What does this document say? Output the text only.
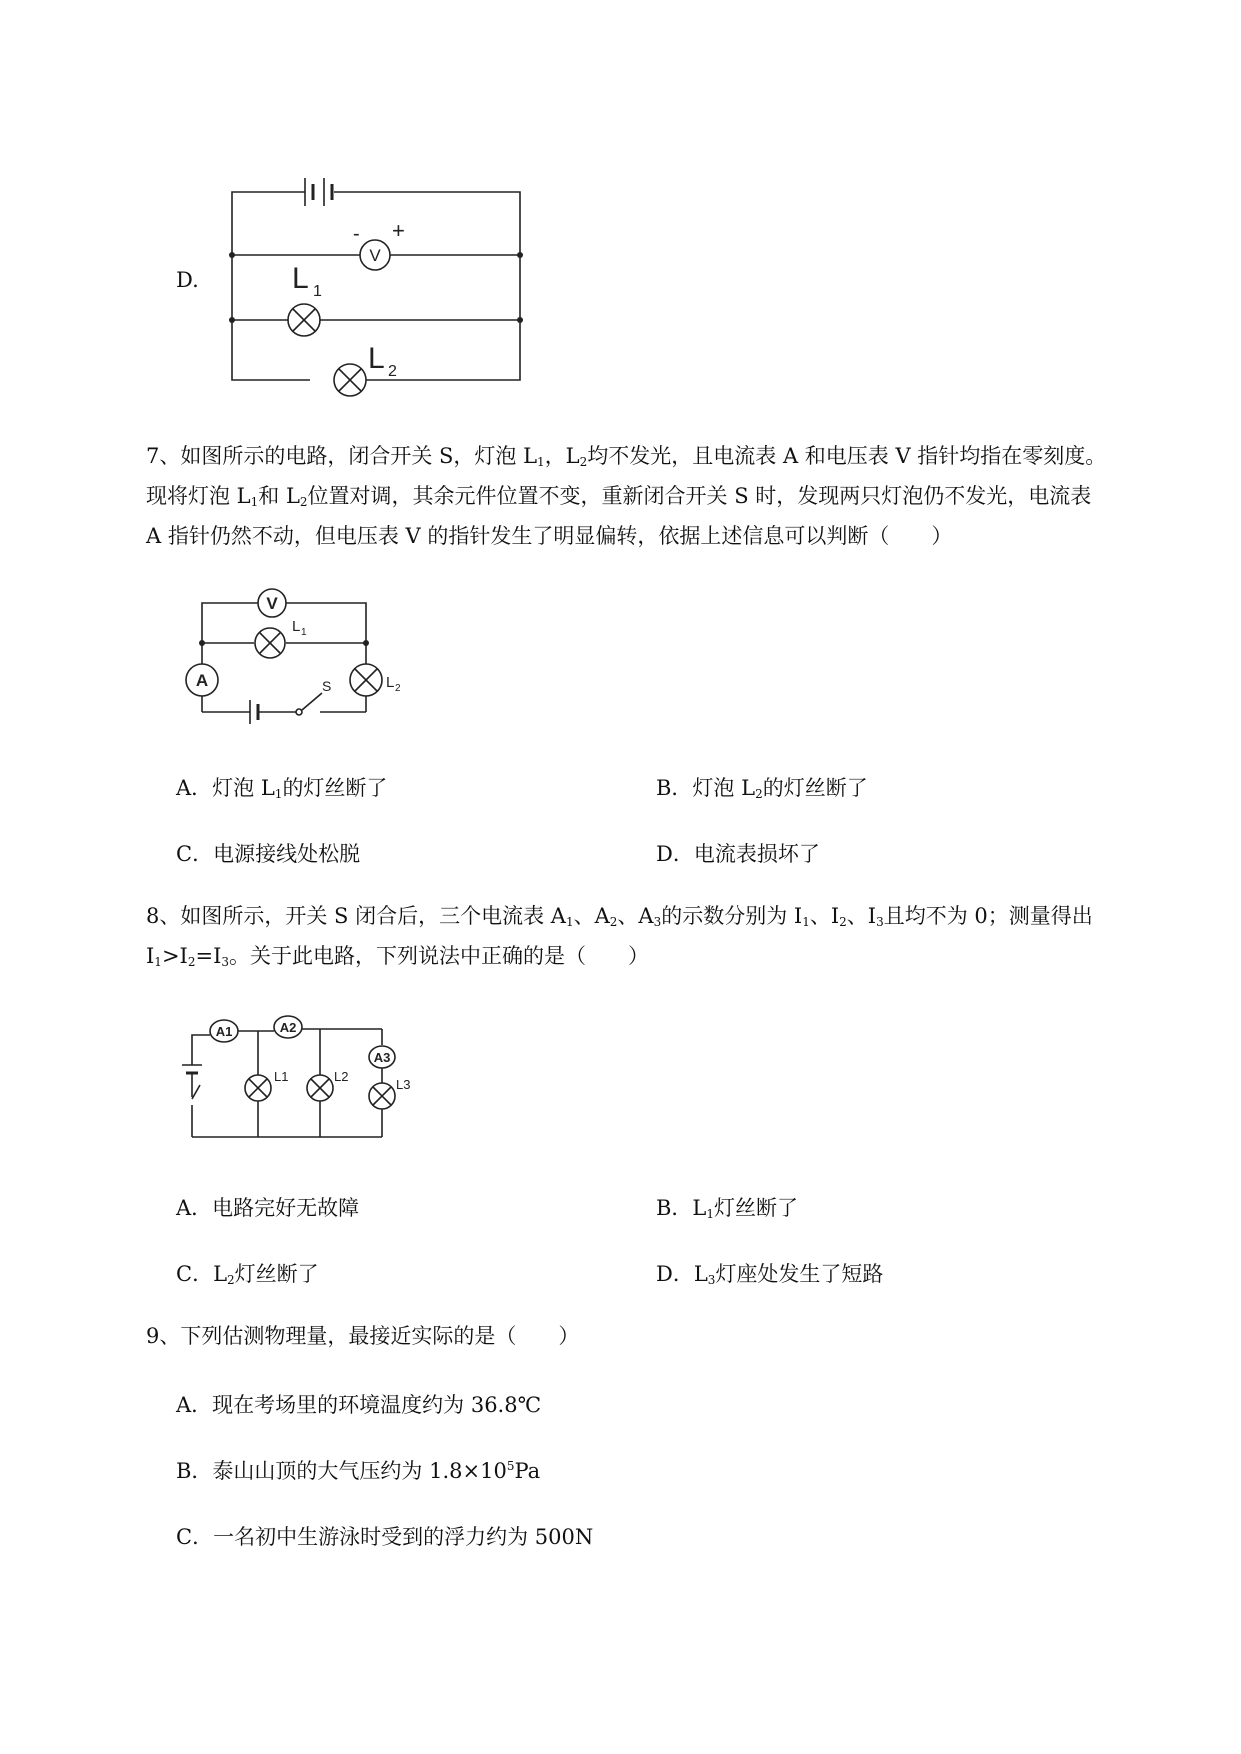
D.
V
- +
L 1
L 2
7、如图所示的电路，闭合开关 S，灯泡 $L_1$，$L_2$均不发光，且电流表 A 和电压表 V 指针均指在零刻度。
现将灯泡 $L_1$和 $L_2$位置对调，其余元件位置不变，重新闭合开关 S 时，发现两只灯泡仍不发光，电流表
A 指针仍然不动，但电压表 V 的指针发生了明显偏转，依据上述信息可以判断（　　）
V
A	S
L 1
L 2
A．灯泡 $L_1$的灯丝断了	B．灯泡 $L_2$的灯丝断了
C．电源接线处松脱	D．电流表损坏了
8、如图所示，开关 S 闭合后，三个电流表 $A_1$、$A_2$、$A_3$的示数分别为 $I_1$、$I_2$、$I_3$且均不为 0；测量得出
$I_1>I_2=I_3$。关于此电路，下列说法中正确的是（　　）
A1	A2
A3
L1	L2
L3
A．电路完好无故障	B．$L_1$灯丝断了
C．$L_2$灯丝断了	D．$L_3$灯座处发生了短路
9、下列估测物理量，最接近实际的是（　　）
A．现在考场里的环境温度约为 36.8℃
B．泰山山顶的大气压约为 $1.8\times 10^5Pa$
C．一名初中生游泳时受到的浮力约为 500N
